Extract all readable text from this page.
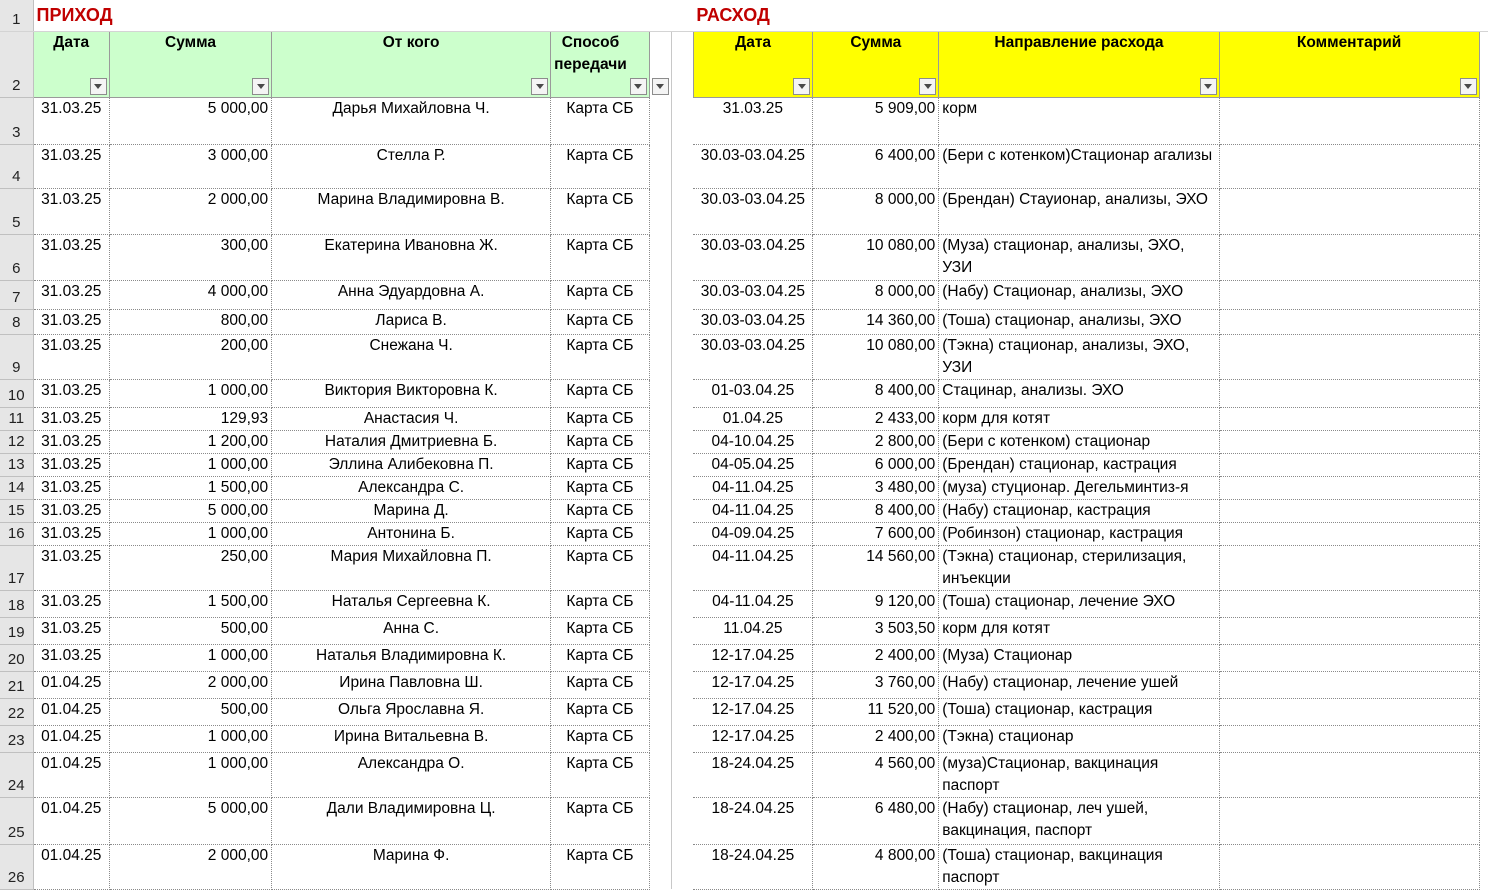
1	ПРИХОД						РАСХОД				
2	Дата	Сумма	От кого	Способ передачи			Дата	Сумма	Направление расхода	Комментарий

3	31.03.25	5 000,00	Дарья Михайловна Ч.	Карта СБ			31.03.25	5 909,00	корм		
4	31.03.25	3 000,00	Стелла Р.	Карта СБ			30.03-03.04.25	6 400,00	(Бери с котенком)Стационар агализы		
5	31.03.25	2 000,00	Марина Владимировна В.	Карта СБ			30.03-03.04.25	8 000,00	(Брендан) Стауионар, анализы, ЭХО		
6	31.03.25	300,00	Екатерина Ивановна Ж.	Карта СБ			30.03-03.04.25	10 080,00	(Муза) стационар, анализы, ЭХО, УЗИ		
7	31.03.25	4 000,00	Анна Эдуардовна А.	Карта СБ			30.03-03.04.25	8 000,00	(Набу) Стационар, анализы, ЭХО		
8	31.03.25	800,00	Лариса В.	Карта СБ			30.03-03.04.25	14 360,00	(Тоша) стационар, анализы, ЭХО		
9	31.03.25	200,00	Снежана Ч.	Карта СБ			30.03-03.04.25	10 080,00	(Тэкна) стационар, анализы, ЭХО, УЗИ		
10	31.03.25	1 000,00	Виктория Викторовна К.	Карта СБ			01-03.04.25	8 400,00	Стацинар, анализы. ЭХО		
11	31.03.25	129,93	Анастасия Ч.	Карта СБ			01.04.25	2 433,00	корм для котят		
12	31.03.25	1 200,00	Наталия Дмитриевна Б.	Карта СБ			04-10.04.25	2 800,00	(Бери с котенком) стационар		
13	31.03.25	1 000,00	Эллина Алибековна П.	Карта СБ			04-05.04.25	6 000,00	(Брендан) стационар, кастрация		
14	31.03.25	1 500,00	Александра С.	Карта СБ			04-11.04.25	3 480,00	(муза) стуционар. Дегельминтиз-я		
15	31.03.25	5 000,00	Марина Д.	Карта СБ			04-11.04.25	8 400,00	(Набу) стационар, кастрация		
16	31.03.25	1 000,00	Антонина Б.	Карта СБ			04-09.04.25	7 600,00	(Робинзон) стационар, кастрация		
17	31.03.25	250,00	Мария Михайловна П.	Карта СБ			04-11.04.25	14 560,00	(Тэкна) стационар, стерилизация, инъекции		
18	31.03.25	1 500,00	Наталья Сергеевна К.	Карта СБ			04-11.04.25	9 120,00	(Тоша) стационар, лечение ЭХО		
19	31.03.25	500,00	Анна С.	Карта СБ			11.04.25	3 503,50	корм для котят		
20	31.03.25	1 000,00	Наталья Владимировна К.	Карта СБ			12-17.04.25	2 400,00	(Муза) Стационар		
21	01.04.25	2 000,00	Ирина Павловна Ш.	Карта СБ			12-17.04.25	3 760,00	(Набу) стационар, лечение ушей		
22	01.04.25	500,00	Ольга Ярославна Я.	Карта СБ			12-17.04.25	11 520,00	(Тоша) стационар, кастрация		
23	01.04.25	1 000,00	Ирина Витальевна В.	Карта СБ			12-17.04.25	2 400,00	(Тэкна) стационар		
24	01.04.25	1 000,00	Александра О.	Карта СБ			18-24.04.25	4 560,00	(муза)Стационар, вакцинация паспорт		
25	01.04.25	5 000,00	Дали Владимировна Ц.	Карта СБ			18-24.04.25	6 480,00	(Набу) стационар, леч ушей, вакцинация, паспорт		
26	01.04.25	2 000,00	Марина Ф.	Карта СБ			18-24.04.25	4 800,00	(Тоша) стационар, вакцинация паспорт		
